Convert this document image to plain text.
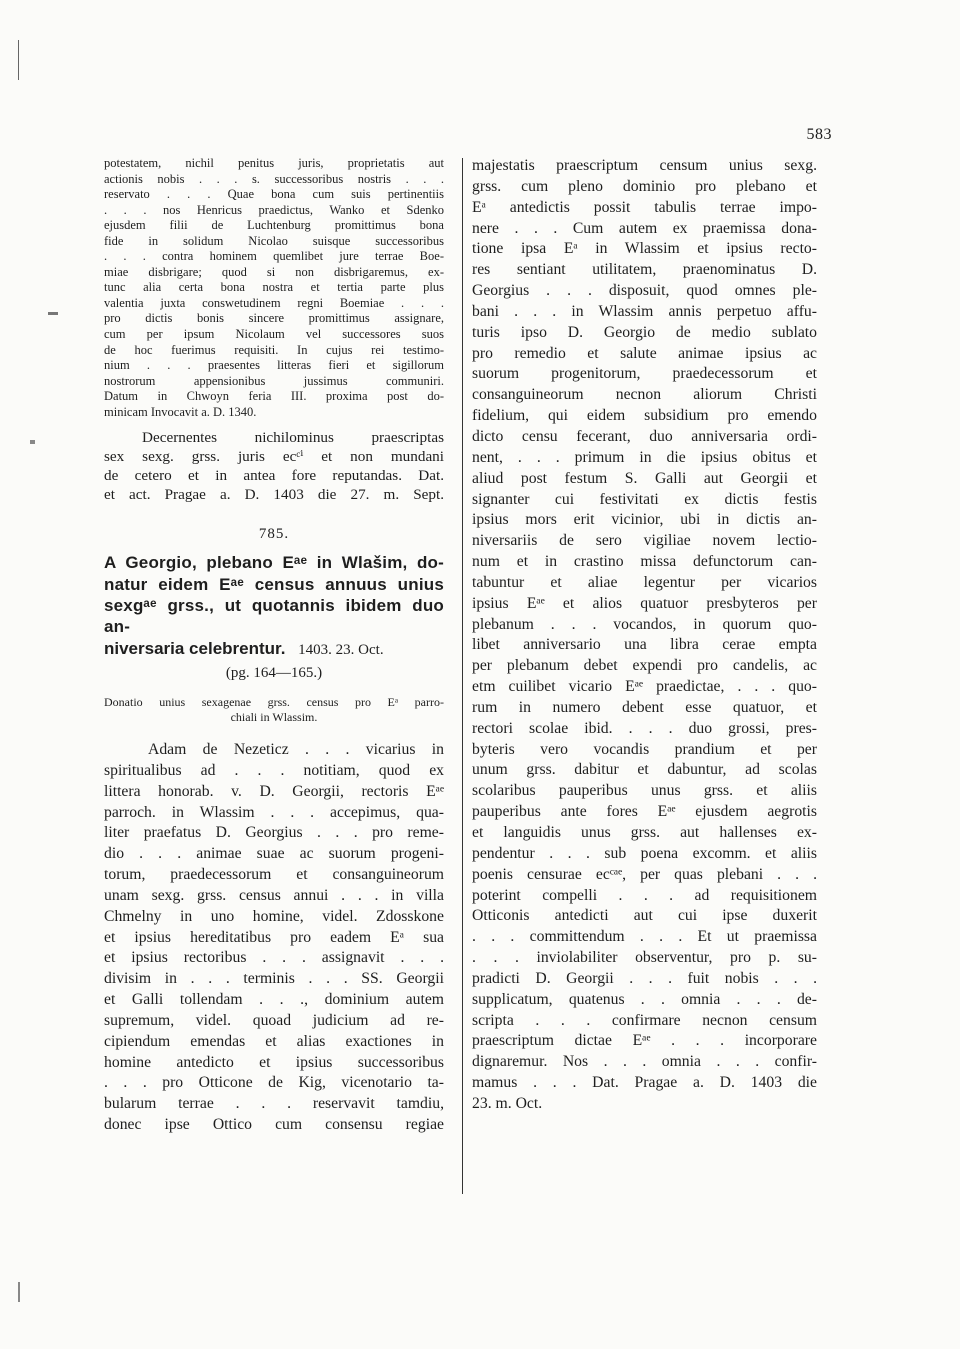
583
potestatem, nichil penitus juris, proprietatis aut
actionis nobis . . . s. successoribus nostris . . .
reservato . . . Quae bona cum suis pertinentiis
. . . nos Henricus praedictus, Wanko et Sdenko
ejusdem filii de Luchtenburg promittimus bona
fide in solidum Nicolao suisque successoribus
. . . contra hominem quemlibet jure terrae Boe-
miae disbrigare; quod si non disbrigaremus, ex-
tunc alia certa bona nostra et tertia parte plus
valentia juxta conswetudinem regni Boemiae . . .
pro dictis bonis sincere promittimus assignare,
cum per ipsum Nicolaum vel successores suos
de hoc fuerimus requisiti. In cujus rei testimo-
nium . . . praesentes litteras fieri et sigillorum
nostrorum appensionibus jussimus communiri.
Datum in Chwoyn feria III. proxima post do-
minicam Invocavit a. D. 1340.
Decernentes nichilominus praescriptas
sex sexg. grss. juris ecᶜⁱ et non mundani
de cetero et in antea fore reputandas. Dat.
et act. Pragae a. D. 1403 die 27. m. Sept.
785.
A Georgio, plebano Eᵃᵉ in Wlašim, do-
natur eidem Eᵃᵉ census annuus unius
sexgᵃᵉ grss., ut quotannis ibidem duo an-
niversaria celebrentur. 1403. 23. Oct.
(pg. 164—165.)
Donatio unius sexagenae grss. census pro Eᵃ parro-
chiali in Wlassim.
Adam de Nezeticz . . . vicarius in
spiritualibus ad . . . notitiam, quod ex
littera honorab. v. D. Georgii, rectoris Eᵃᵉ
parroch. in Wlassim . . . accepimus, qua-
liter praefatus D. Georgius . . . pro reme-
dio . . . animae suae ac suorum progeni-
torum, praedecessorum et consanguineorum
unam sexg. grss. census annui . . . in villa
Chmelny in uno homine, videl. Zdosskone
et ipsius hereditatibus pro eadem Eᵃ sua
et ipsius rectoribus . . . assignavit . . .
divisim in . . . terminis . . . SS. Georgii
et Galli tollendam . . ., dominium autem
supremum, videl. quoad judicium ad re-
cipiendum emendas et alias exactiones in
homine antedicto et ipsius successoribus
. . . pro Otticone de Kig, vicenotario ta-
bularum terrae . . . reservavit tamdiu,
donec ipse Ottico cum consensu regiae
majestatis praescriptum censum unius sexg.
grss. cum pleno dominio pro plebano et
Eᵃ antedictis possit tabulis terrae impo-
nere . . . Cum autem ex praemissa dona-
tione ipsa Eᵃ in Wlassim et ipsius recto-
res sentiant utilitatem, praenominatus D.
Georgius . . . disposuit, quod omnes ple-
bani . . . in Wlassim annis perpetuo affu-
turis ipso D. Georgio de medio sublato
pro remedio et salute animae ipsius ac
suorum progenitorum, praedecessorum et
consanguineorum necnon aliorum Christi
fidelium, qui eidem subsidium pro emendo
dicto censu fecerant, duo anniversaria ordi-
nent, . . . primum in die ipsius obitus et
aliud post festum S. Galli aut Georgii et
signanter cui festivitati ex dictis festis
ipsius mors erit vicinior, ubi in dictis an-
niversariis de sero vigiliae novem lectio-
num et in crastino missa defunctorum can-
tabuntur et aliae legentur per vicarios
ipsius Eᵃᵉ et alios quatuor presbyteros per
plebanum . . . vocandos, in quorum quo-
libet anniversario una libra cerae empta
per plebanum debet expendi pro candelis, ac
etm cuilibet vicario Eᵃᵉ praedictae, . . . quo-
rum in numero debent esse quatuor, et
rectori scolae ibid. . . . duo grossi, pres-
byteris vero vocandis prandium et per
unum grss. dabitur et dabuntur, ad scolas
scolaribus pauperibus unus grss. et aliis
pauperibus ante fores Eᵃᵉ ejusdem aegrotis
et languidis unus grss. aut hallenses ex-
pendentur . . . sub poena excomm. et aliis
poenis censurae ecᶜᵃᵉ, per quas plebani . . .
poterint compelli . . . ad requisitionem
Otticonis antedicti aut cui ipse duxerit
. . . committendum . . . Et ut praemissa
. . . inviolabiliter observentur, pro p. su-
pradicti D. Georgii . . . fuit nobis . . .
supplicatum, quatenus . . omnia . . . de-
scripta . . . confirmare necnon censum
praescriptum dictae Eᵃᵉ . . . incorporare
dignaremur. Nos . . . omnia . . . confir-
mamus . . . Dat. Pragae a. D. 1403 die
23. m. Oct.
